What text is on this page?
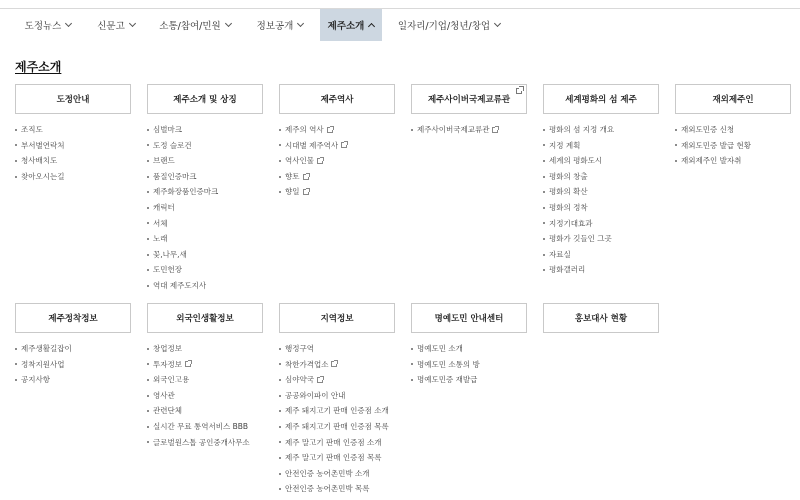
도정뉴스	신문고	소통/참여/민원	정보공개	제주소개	일자리/기업/청년/창업
제주소개
도정안내
조직도
부서별연락처
청사배치도
찾아오시는길
제주소개 및 상징
심벌마크
도정 슬로건
브랜드
품질인증마크
제주화장품인증마크
캐릭터
서체
노래
꽃,나무,새
도민헌장
역대 제주도지사
제주역사
제주의 역사
시대별 제주역사
역사인물
향토
향일
제주사이버국제교류관
제주사이버국제교류관
세계평화의 섬 제주
평화의 섬 지정 개요
지정 계획
세계의 평화도시
평화의 창출
평화의 확산
평화의 정착
지정기대효과
평화가 깃들인 그곳
자료실
평화갤러리
재외제주인
재외도민증 신청
재외도민증 발급 현황
재외제주인 발자취
제주정착정보
제주생활길잡이
정착지원사업
공지사항
외국인생활정보
창업정보
투자정보
외국인고용
영사관
관련단체
실시간 무료 통역서비스 BBB
글로벌원스톱 공인중개사무소
지역정보
행정구역
착한가격업소
심야약국
공공와이파이 안내
제주 돼지고기 판매 인증점 소개
제주 돼지고기 판매 인증점 목록
제주 말고기 판매 인증점 소개
제주 말고기 판매 인증점 목록
안전인증 농어촌민박 소개
안전인증 농어촌민박 목록
명예도민 안내센터
명예도민 소개
명예도민 소통의 방
명예도민증 재발급
홍보대사 현황
